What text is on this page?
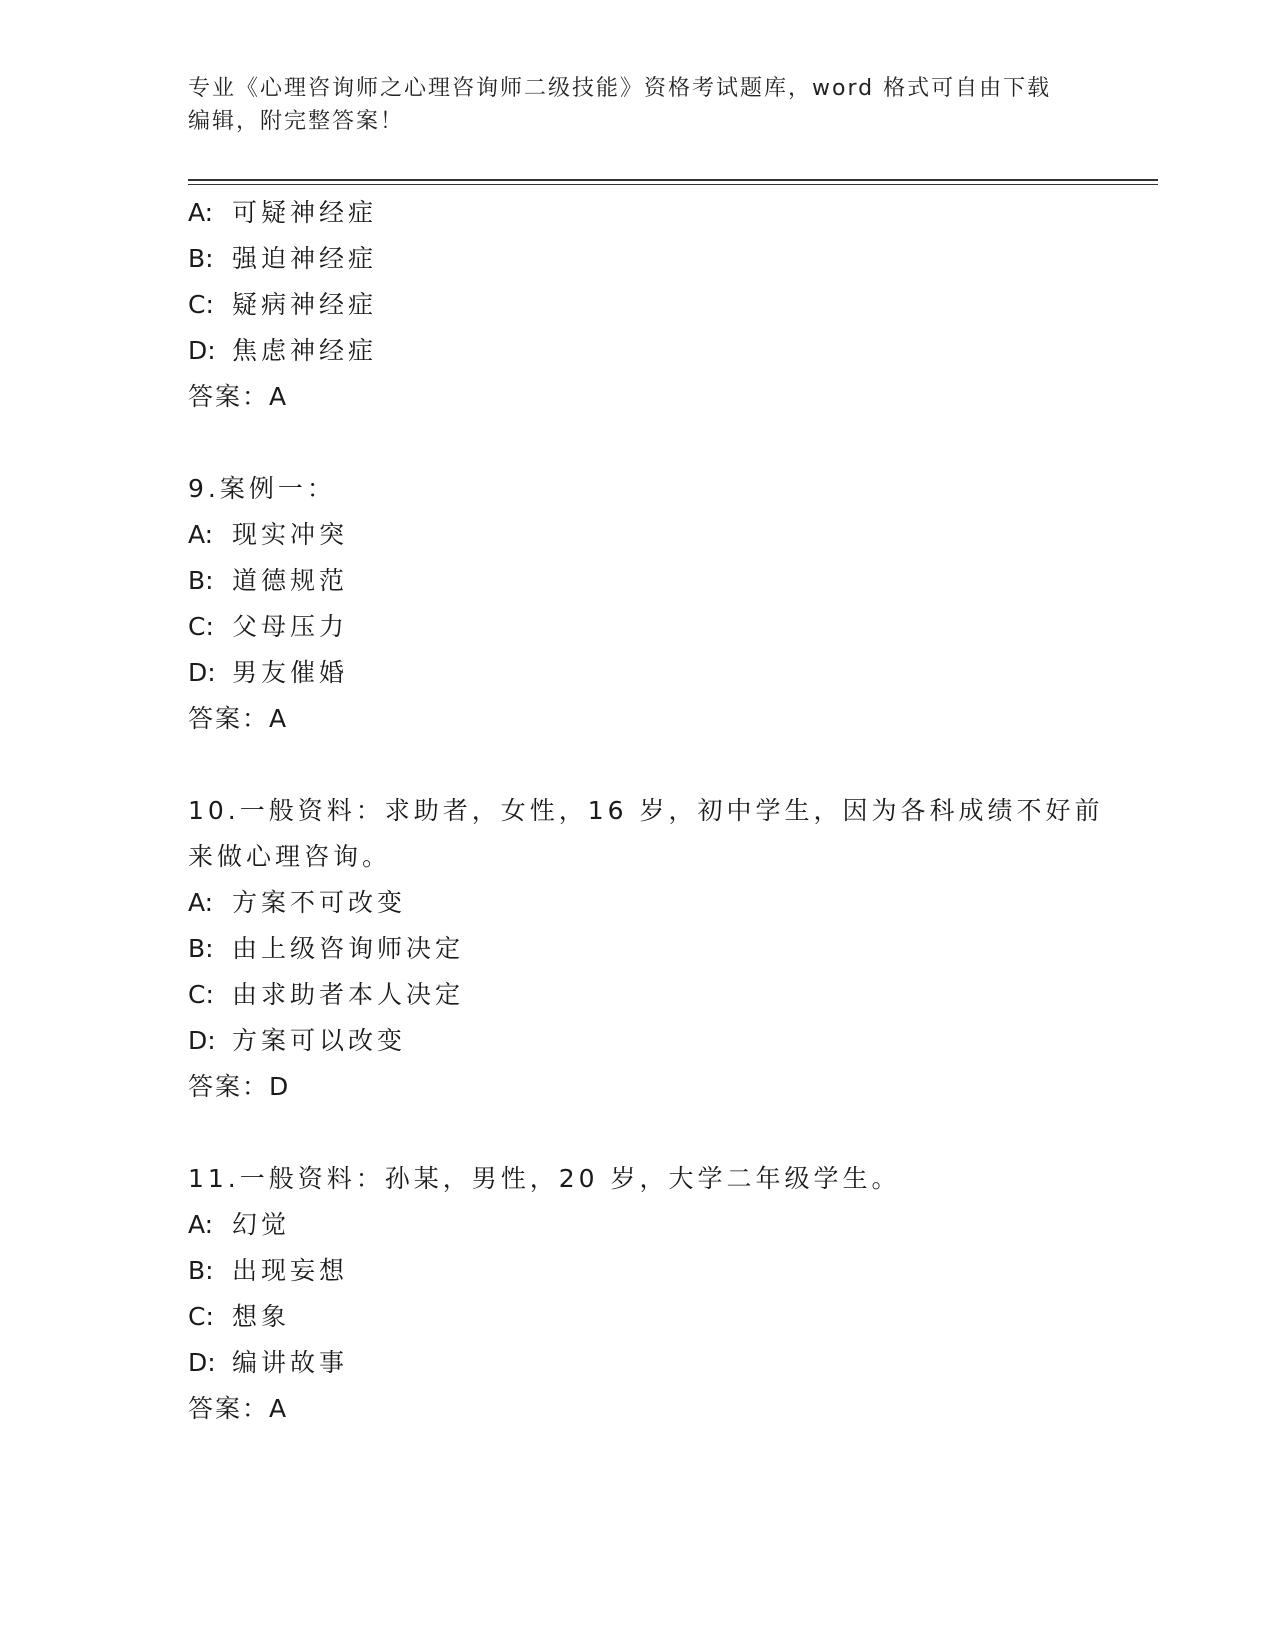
专业《心理咨询师之心理咨询师二级技能》资格考试题库，word 格式可自由下载
编辑，附完整答案！
A: 可疑神经症
B: 强迫神经症
C: 疑病神经症
D: 焦虑神经症
答案：A
9.案例一：
A: 现实冲突
B: 道德规范
C: 父母压力
D: 男友催婚
答案：A
10.一般资料：求助者，女性，16 岁，初中学生，因为各科成绩不好前
来做心理咨询。
A: 方案不可改变
B: 由上级咨询师决定
C: 由求助者本人决定
D: 方案可以改变
答案：D
11.一般资料：孙某，男性，20 岁，大学二年级学生。
A: 幻觉
B: 出现妄想
C: 想象
D: 编讲故事
答案：A
